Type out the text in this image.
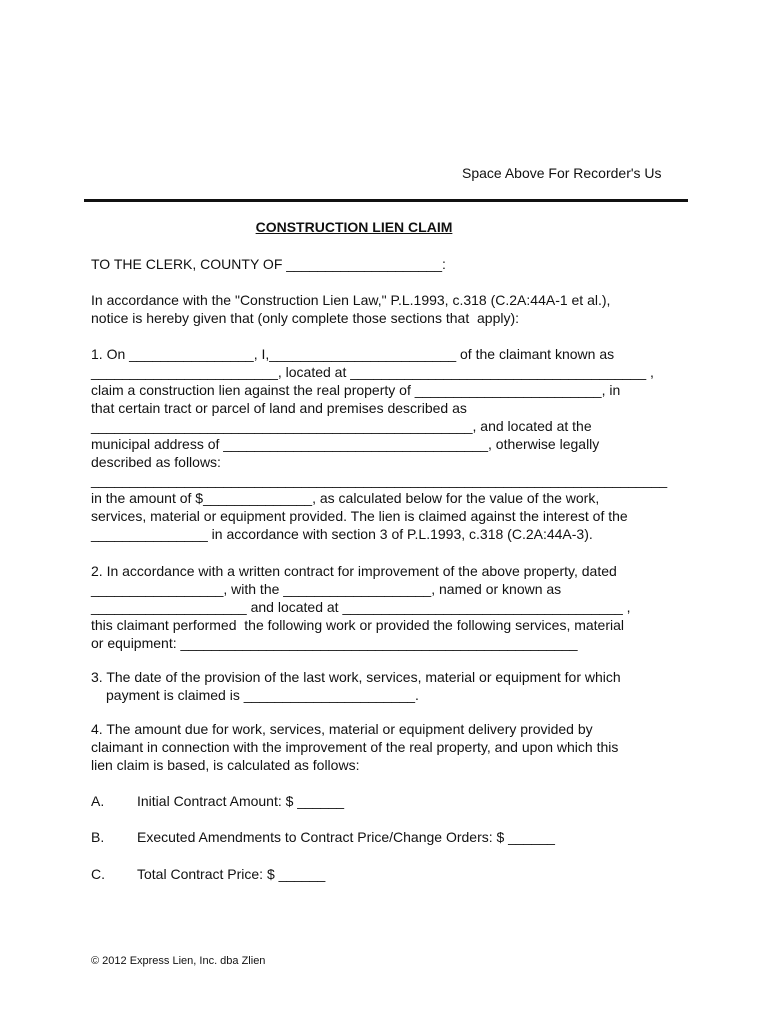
Space Above For Recorder's Us
CONSTRUCTION LIEN CLAIM
TO THE CLERK, COUNTY OF ____________________:
In accordance with the "Construction Lien Law," P.L.1993, c.318 (C.2A:44A-1 et al.),
notice is hereby given that (only complete those sections that  apply):
1. On ________________, I,________________________ of the claimant known as
________________________, located at ______________________________________ ,
claim a construction lien against the real property of ________________________, in
that certain tract or parcel of land and premises described as
_________________________________________________, and located at the
municipal address of __________________________________, otherwise legally
described as follows:
__________________________________________________________________________
in the amount of $______________, as calculated below for the value of the work,
services, material or equipment provided. The lien is claimed against the interest of the
_______________ in accordance with section 3 of P.L.1993, c.318 (C.2A:44A-3).
2. In accordance with a written contract for improvement of the above property, dated
_________________, with the ___________________, named or known as
____________________ and located at ____________________________________ ,
this claimant performed  the following work or provided the following services, material
or equipment: ___________________________________________________
3. The date of the provision of the last work, services, material or equipment for which
payment is claimed is ______________________.
4. The amount due for work, services, material or equipment delivery provided by
claimant in connection with the improvement of the real property, and upon which this
lien claim is based, is calculated as follows:
A. Initial Contract Amount: $ ______
B. Executed Amendments to Contract Price/Change Orders: $ ______
C. Total Contract Price: $ ______
© 2012 Express Lien, Inc. dba Zlien
